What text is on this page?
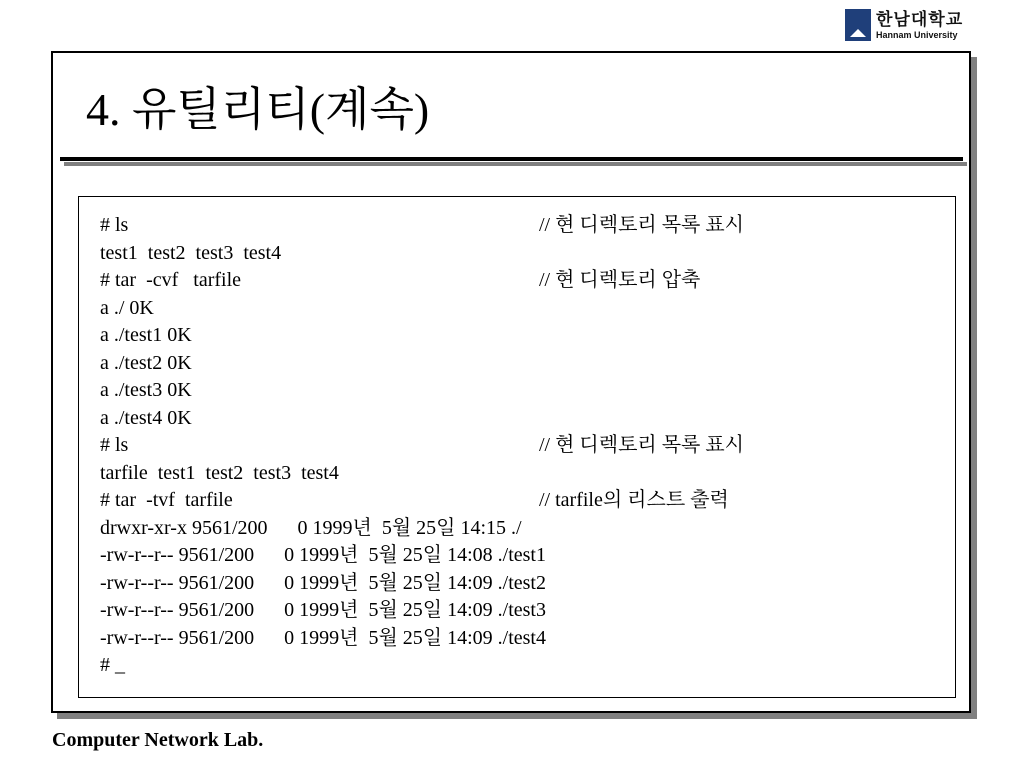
한남대학교
Hannam University
4. 유틸리티(계속)
# ls	// 현 디렉토리 목록 표시
test1  test2  test3  test4
# tar  -cvf   tarfile	// 현 디렉토리 압축
a ./ 0K
a ./test1 0K
a ./test2 0K
a ./test3 0K
a ./test4 0K
# ls	// 현 디렉토리 목록 표시
tarfile  test1  test2  test3  test4
# tar  -tvf  tarfile	// tarfile의 리스트 출력
drwxr-xr-x 9561/200      0 1999년  5월 25일 14:15 ./
-rw-r--r-- 9561/200      0 1999년  5월 25일 14:08 ./test1
-rw-r--r-- 9561/200      0 1999년  5월 25일 14:09 ./test2
-rw-r--r-- 9561/200      0 1999년  5월 25일 14:09 ./test3
-rw-r--r-- 9561/200      0 1999년  5월 25일 14:09 ./test4
# _
Computer Network Lab.
